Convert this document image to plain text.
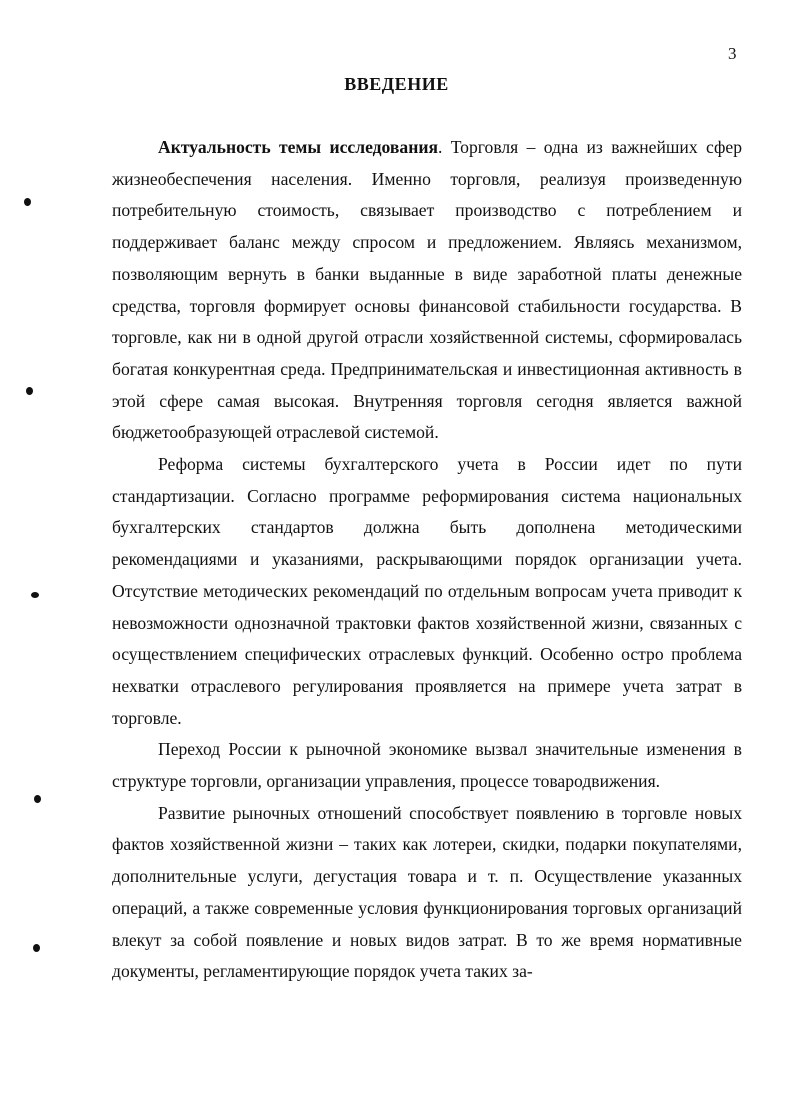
3
ВВЕДЕНИЕ

Актуальность темы исследования. Торговля – одна из важнейших сфер жизнеобеспечения населения. Именно торговля, реализуя произведенную потребительную стоимость, связывает производство с потреблением и поддерживает баланс между спросом и предложением. Являясь механизмом, позволяющим вернуть в банки выданные в виде заработной платы денежные средства, торговля формирует основы финансовой стабильности государства. В торговле, как ни в одной другой отрасли хозяйственной системы, сформировалась богатая конкурентная среда. Предпринимательская и инвестиционная активность в этой сфере самая высокая. Внутренняя торговля сегодня является важной бюджетообразующей отраслевой системой.

Реформа системы бухгалтерского учета в России идет по пути стандартизации. Согласно программе реформирования система национальных бухгалтерских стандартов должна быть дополнена методическими рекомендациями и указаниями, раскрывающими порядок организации учета. Отсутствие методических рекомендаций по отдельным вопросам учета приводит к невозможности однозначной трактовки фактов хозяйственной жизни, связанных с осуществлением специфических отраслевых функций. Особенно остро проблема нехватки отраслевого регулирования проявляется на примере учета затрат в торговле.

Переход России к рыночной экономике вызвал значительные изменения в структуре торговли, организации управления, процессе товародвижения.

Развитие рыночных отношений способствует появлению в торговле новых фактов хозяйственной жизни – таких как лотереи, скидки, подарки покупателями, дополнительные услуги, дегустация товара и т. п. Осуществление указанных операций, а также современные условия функционирования торговых организаций влекут за собой появление и новых видов затрат. В то же время нормативные документы, регламентирующие порядок учета таких за-
